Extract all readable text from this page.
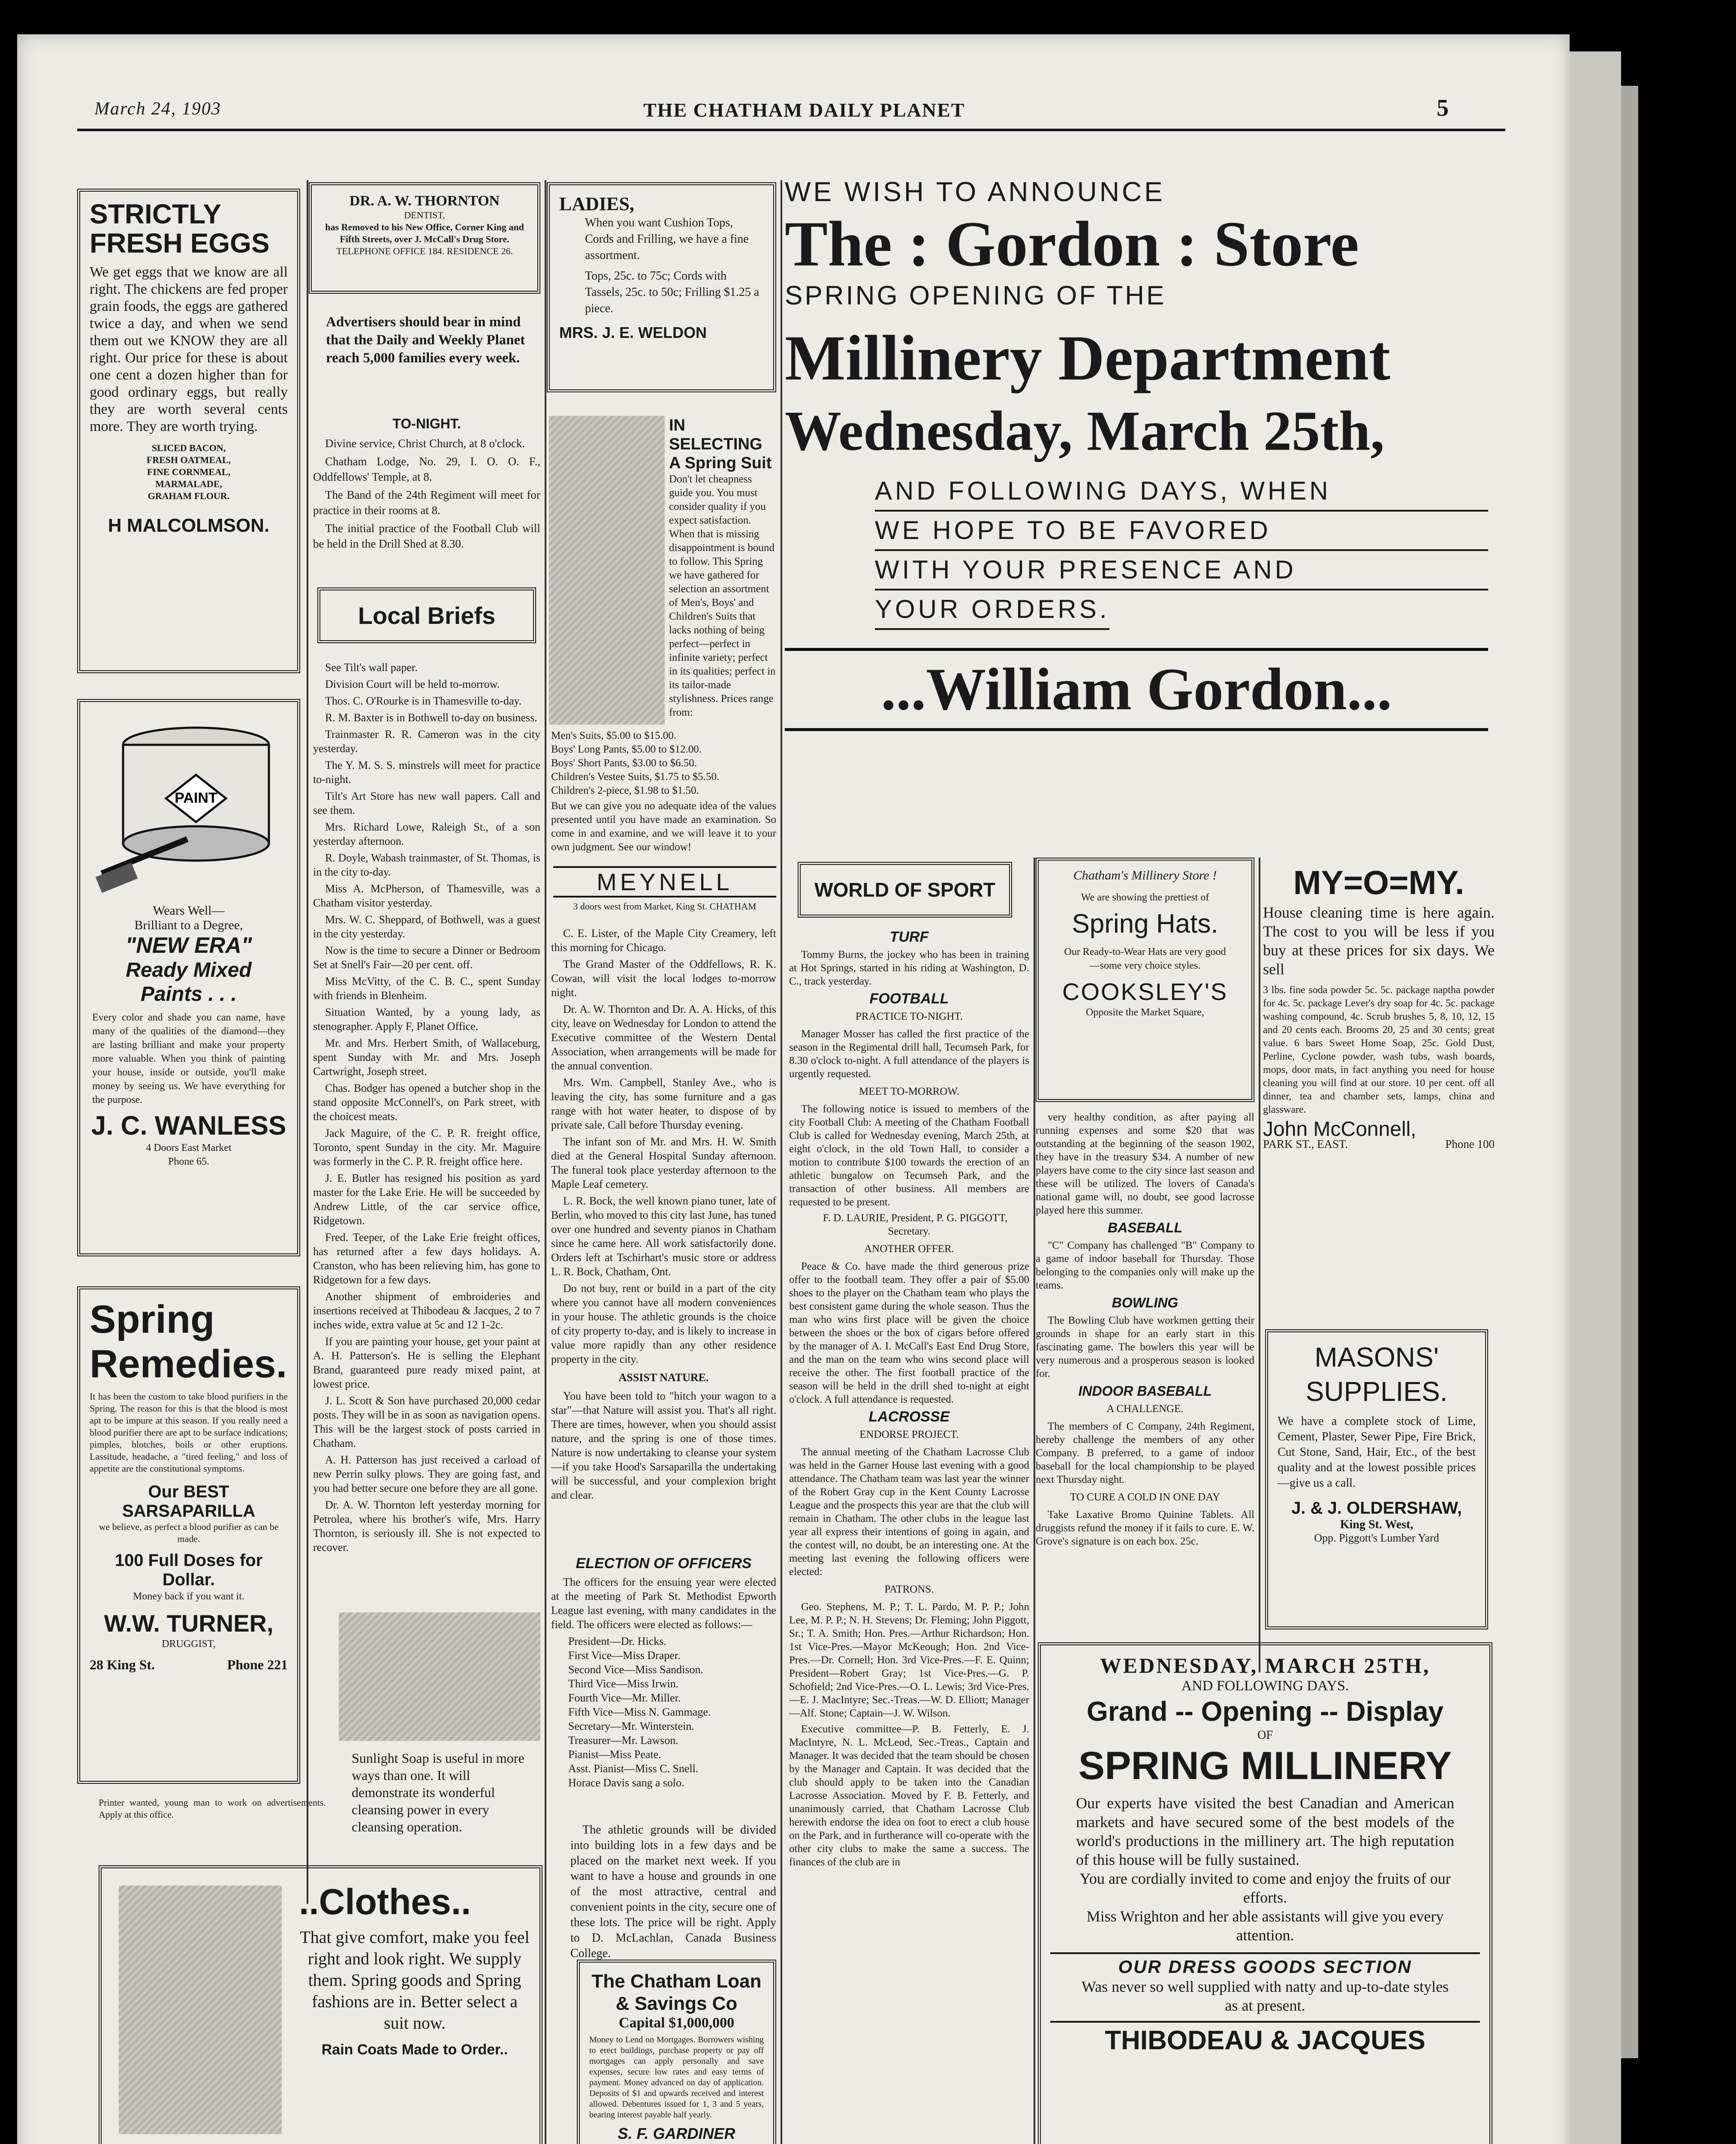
March 24, 1903	THE CHATHAM DAILY PLANET	5
STRICTLY FRESH EGGS
We get eggs that we know are all right. The chickens are fed proper grain foods, the eggs are gathered twice a day, and when we send them out we KNOW they are all right. Our price for these is about one cent a dozen higher than for good ordinary eggs, but really they are worth several cents more. They are worth trying.
SLICED BACON,
FRESH OATMEAL,
FINE CORNMEAL,
MARMALADE,
GRAHAM FLOUR.
H MALCOLMSON.
PAINT
Wears Well—
Brilliant to a Degree,
"NEW ERA"
Ready Mixed
Paints . . .
Every color and shade you can name, have many of the qualities of the diamond—they are lasting brilliant and make your property more valuable. When you think of painting your house, inside or outside, you'll make money by seeing us. We have everything for the purpose.
J. C. WANLESS
4 Doors East Market
Phone 65.
Spring Remedies.
It has been the custom to take blood purifiers in the Spring. The reason for this is that the blood is most apt to be impure at this season. If you really need a blood purifier there are apt to be surface indications; pimples, blotches, boils or other eruptions. Lassitude, headache, a "tired feeling," and loss of appetite are the constitutional symptoms.
Our BEST SARSAPARILLA
we believe, as perfect a blood purifier as can be made.
100 Full Doses for Dollar.
Money back if you want it.
W.W. TURNER,
DRUGGIST,
28 King St.	Phone 221
Printer wanted, young man to work on advertisements. Apply at this office.
..Clothes..
That give comfort, make you feel right and look right. We supply them. Spring goods and Spring fashions are in. Better select a suit now.
Rain Coats Made to Order..
DR. A. W. THORNTON
DENTIST,
has Removed to his New Office, Corner King and Fifth Streets, over J. McCall's Drug Store.
TELEPHONE OFFICE 184. RESIDENCE 26.
Advertisers should bear in mind that the Daily and Weekly Planet reach 5,000 families every week.
TO-NIGHT.

Divine service, Christ Church, at 8 o'clock.

Chatham Lodge, No. 29, I. O. O. F., Oddfellows' Temple, at 8.

The Band of the 24th Regiment will meet for practice in their rooms at 8.

The initial practice of the Football Club will be held in the Drill Shed at 8.30.

Local Briefs

See Tilt's wall paper.

Division Court will be held to-morrow.

Thos. C. O'Rourke is in Thamesville to-day.

R. M. Baxter is in Bothwell to-day on business.

Trainmaster R. R. Cameron was in the city yesterday.

The Y. M. S. S. minstrels will meet for practice to-night.

Tilt's Art Store has new wall papers. Call and see them.

Mrs. Richard Lowe, Raleigh St., of a son yesterday afternoon.

R. Doyle, Wabash trainmaster, of St. Thomas, is in the city to-day.

Miss A. McPherson, of Thamesville, was a Chatham visitor yesterday.

Mrs. W. C. Sheppard, of Bothwell, was a guest in the city yesterday.

Now is the time to secure a Dinner or Bedroom Set at Snell's Fair—20 per cent. off.

Miss McVitty, of the C. B. C., spent Sunday with friends in Blenheim.

Situation Wanted, by a young lady, as stenographer. Apply F, Planet Office.

Mr. and Mrs. Herbert Smith, of Wallaceburg, spent Sunday with Mr. and Mrs. Joseph Cartwright, Joseph street.

Chas. Bodger has opened a butcher shop in the stand opposite McConnell's, on Park street, with the choicest meats.

Jack Maguire, of the C. P. R. freight office, Toronto, spent Sunday in the city. Mr. Maguire was formerly in the C. P. R. freight office here.

J. E. Butler has resigned his position as yard master for the Lake Erie. He will be succeeded by Andrew Little, of the car service office, Ridgetown.

Fred. Teeper, of the Lake Erie freight offices, has returned after a few days holidays. A. Cranston, who has been relieving him, has gone to Ridgetown for a few days.

Another shipment of embroideries and insertions received at Thibodeau & Jacques, 2 to 7 inches wide, extra value at 5c and 12 1-2c.

If you are painting your house, get your paint at A. H. Patterson's. He is selling the Elephant Brand, guaranteed pure ready mixed paint, at lowest price.

J. L. Scott & Son have purchased 20,000 cedar posts. They will be in as soon as navigation opens. This will be the largest stock of posts carried in Chatham.

A. H. Patterson has just received a carload of new Perrin sulky plows. They are going fast, and you had better secure one before they are all gone.

Dr. A. W. Thornton left yesterday morning for Petrolea, where his brother's wife, Mrs. Harry Thornton, is seriously ill. She is not expected to recover.

Sunlight Soap is useful in more ways than one. It will demonstrate its wonderful cleansing power in every cleansing operation.
LADIES,
When you want Cushion Tops, Cords and Frilling, we have a fine assortment.
Tops, 25c. to 75c; Cords with Tassels, 25c. to 50c; Frilling $1.25 a piece.
MRS. J. E. WELDON
IN SELECTING A Spring Suit
Don't let cheapness guide you. You must consider quality if you expect satisfaction. When that is missing disappointment is bound to follow. This Spring we have gathered for selection an assortment of Men's, Boys' and Children's Suits that lacks nothing of being perfect—perfect in infinite variety; perfect in its qualities; perfect in its tailor-made stylishness. Prices range from:
Men's Suits, $5.00 to $15.00.
Boys' Long Pants, $5.00 to $12.00.
Boys' Short Pants, $3.00 to $6.50.
Children's Vestee Suits, $1.75 to $5.50.
Children's 2-piece, $1.98 to $1.50.
But we can give you no adequate idea of the values presented until you have made an examination. So come in and examine, and we will leave it to your own judgment. See our window!
MEYNELL
3 doors west from Market, King St. CHATHAM

C. E. Lister, of the Maple City Creamery, left this morning for Chicago.

The Grand Master of the Oddfellows, R. K. Cowan, will visit the local lodges to-morrow night.

Dr. A. W. Thornton and Dr. A. A. Hicks, of this city, leave on Wednesday for London to attend the Executive committee of the Western Dental Association, when arrangements will be made for the annual convention.

Mrs. Wm. Campbell, Stanley Ave., who is leaving the city, has some furniture and a gas range with hot water heater, to dispose of by private sale. Call before Thursday evening.

The infant son of Mr. and Mrs. H. W. Smith died at the General Hospital Sunday afternoon. The funeral took place yesterday afternoon to the Maple Leaf cemetery.

L. R. Bock, the well known piano tuner, late of Berlin, who moved to this city last June, has tuned over one hundred and seventy pianos in Chatham since he came here. All work satisfactorily done. Orders left at Tschirhart's music store or address L. R. Bock, Chatham, Ont.

Do not buy, rent or build in a part of the city where you cannot have all modern conveniences in your house. The athletic grounds is the choice of city property to-day, and is likely to increase in value more rapidly than any other residence property in the city.

ASSIST NATURE.

You have been told to "hitch your wagon to a star"—that Nature will assist you. That's all right. There are times, however, when you should assist nature, and the spring is one of those times. Nature is now undertaking to cleanse your system—if you take Hood's Sarsaparilla the undertaking will be successful, and your complexion bright and clear.

ELECTION OF OFFICERS

The officers for the ensuing year were elected at the meeting of Park St. Methodist Epworth League last evening, with many candidates in the field. The officers were elected as follows:—

President—Dr. Hicks.
First Vice—Miss Draper.
Second Vice—Miss Sandison.
Third Vice—Miss Irwin.
Fourth Vice—Mr. Miller.
Fifth Vice—Miss N. Gammage.
Secretary—Mr. Winterstein.
Treasurer—Mr. Lawson.
Pianist—Miss Peate.
Asst. Pianist—Miss C. Snell.
Horace Davis sang a solo.

The athletic grounds will be divided into building lots in a few days and be placed on the market next week. If you want to have a house and grounds in one of the most attractive, central and convenient points in the city, secure one of these lots. The price will be right. Apply to D. McLachlan, Canada Business College.

The Chatham Loan & Savings Co
Capital $1,000,000
Money to Lend on Mortgages. Borrowers wishing to erect buildings, purchase property or pay off mortgages can apply personally and save expenses, secure low rates and easy terms of payment. Money advanced on day of application. Deposits of $1 and upwards received and interest allowed. Debentures issued for 1, 3 and 5 years, bearing interest payable half yearly.
S. F. GARDINER
WE WISH TO ANNOUNCE
The : Gordon : Store
SPRING OPENING OF THE
Millinery Department
Wednesday, March 25th,
AND FOLLOWING DAYS, WHEN
WE HOPE TO BE FAVORED
WITH YOUR PRESENCE AND
YOUR ORDERS.
...William Gordon...
WORLD OF SPORT
TURF

Tommy Burns, the jockey who has been in training at Hot Springs, started in his riding at Washington, D. C., track yesterday.

FOOTBALL
PRACTICE TO-NIGHT.

Manager Mosser has called the first practice of the season in the Regimental drill hall, Tecumseh Park, for 8.30 o'clock to-night. A full attendance of the players is urgently requested.

MEET TO-MORROW.

The following notice is issued to members of the city Football Club: A meeting of the Chatham Football Club is called for Wednesday evening, March 25th, at eight o'clock, in the old Town Hall, to consider a motion to contribute $100 towards the erection of an athletic bungalow on Tecumseh Park, and the transaction of other business. All members are requested to be present.

F. D. LAURIE, President, P. G. PIGGOTT, Secretary.

ANOTHER OFFER.

Peace & Co. have made the third generous prize offer to the football team. They offer a pair of $5.00 shoes to the player on the Chatham team who plays the best consistent game during the whole season. Thus the man who wins first place will be given the choice between the shoes or the box of cigars before offered by the manager of A. I. McCall's East End Drug Store, and the man on the team who wins second place will receive the other. The first football practice of the season will be held in the drill shed to-night at eight o'clock. A full attendance is requested.

LACROSSE
ENDORSE PROJECT.

The annual meeting of the Chatham Lacrosse Club was held in the Garner House last evening with a good attendance. The Chatham team was last year the winner of the Robert Gray cup in the Kent County Lacrosse League and the prospects this year are that the club will remain in Chatham. The other clubs in the league last year all express their intentions of going in again, and the contest will, no doubt, be an interesting one. At the meeting last evening the following officers were elected:

PATRONS.

Geo. Stephens, M. P.; T. L. Pardo, M. P. P.; John Lee, M. P. P.; N. H. Stevens; Dr. Fleming; John Piggott, Sr.; T. A. Smith; Hon. Pres.—Arthur Richardson; Hon. 1st Vice-Pres.—Mayor McKeough; Hon. 2nd Vice-Pres.—Dr. Cornell; Hon. 3rd Vice-Pres.—F. E. Quinn; President—Robert Gray; 1st Vice-Pres.—G. P. Schofield; 2nd Vice-Pres.—O. L. Lewis; 3rd Vice-Pres.—E. J. MacIntyre; Sec.-Treas.—W. D. Elliott; Manager—Alf. Stone; Captain—J. W. Wilson.

Executive committee—P. B. Fetterly, E. J. MacIntyre, N. L. McLeod, Sec.-Treas., Captain and Manager. It was decided that the team should be chosen by the Manager and Captain. It was decided that the club should apply to be taken into the Canadian Lacrosse Association. Moved by F. B. Fetterly, and unanimously carried, that Chatham Lacrosse Club herewith endorse the idea on foot to erect a club house on the Park, and in furtherance will co-operate with the other city clubs to make the same a success. The finances of the club are in

Chatham's Millinery Store !
We are showing the prettiest of
Spring Hats.
Our Ready-to-Wear Hats are very good—some very choice styles.
COOKSLEY'S
Opposite the Market Square,

very healthy condition, as after paying all running expenses and some $20 that was outstanding at the beginning of the season 1902, they have in the treasury $34. A number of new players have come to the city since last season and these will be utilized. The lovers of Canada's national game will, no doubt, see good lacrosse played here this summer.

BASEBALL

"C" Company has challenged "B" Company to a game of indoor baseball for Thursday. Those belonging to the companies only will make up the teams.

BOWLING

The Bowling Club have workmen getting their grounds in shape for an early start in this fascinating game. The bowlers this year will be very numerous and a prosperous season is looked for.

INDOOR BASEBALL
A CHALLENGE.

The members of C Company, 24th Regiment, hereby challenge the members of any other Company. B preferred, to a game of indoor baseball for the local championship to be played next Thursday night.

TO CURE A COLD IN ONE DAY

Take Laxative Bromo Quinine Tablets. All druggists refund the money if it fails to cure. E. W. Grove's signature is on each box. 25c.

MY=O=MY.
House cleaning time is here again. The cost to you will be less if you buy at these prices for six days. We sell
3 lbs. fine soda powder 5c. 5c. package naptha powder for 4c. 5c. package Lever's dry soap for 4c. 5c. package washing compound, 4c. Scrub brushes 5, 8, 10, 12, 15 and 20 cents each. Brooms 20, 25 and 30 cents; great value. 6 bars Sweet Home Soap, 25c. Gold Dust, Perline, Cyclone powder, wash tubs, wash boards, mops, door mats, in fact anything you need for house cleaning you will find at our store. 10 per cent. off all dinner, tea and chamber sets, lamps, china and glassware.
John McConnell,
PARK ST., EAST.	Phone 100
MASONS' SUPPLIES.
We have a complete stock of Lime, Cement, Plaster, Sewer Pipe, Fire Brick, Cut Stone, Sand, Hair, Etc., of the best quality and at the lowest possible prices—give us a call.
J. & J. OLDERSHAW,
King St. West,
Opp. Piggott's Lumber Yard
WEDNESDAY, MARCH 25TH,
AND FOLLOWING DAYS.
Grand -- Opening -- Display
OF
SPRING MILLINERY
Our experts have visited the best Canadian and American markets and have secured some of the best models of the world's productions in the millinery art. The high reputation of this house will be fully sustained.
You are cordially invited to come and enjoy the fruits of our efforts.
Miss Wrighton and her able assistants will give you every attention.
OUR DRESS GOODS SECTION
Was never so well supplied with natty and up-to-date styles as at present.
THIBODEAU & JACQUES
